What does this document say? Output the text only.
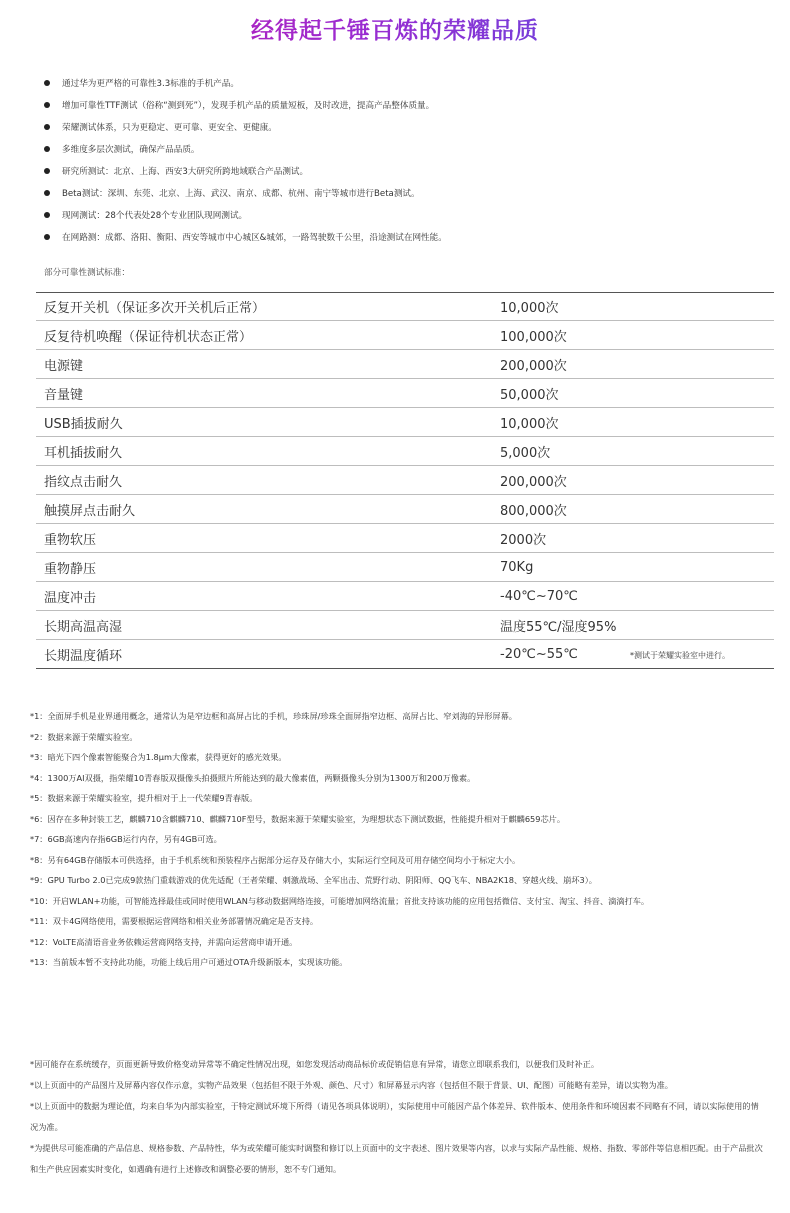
经得起千锤百炼的荣耀品质
通过华为更严格的可靠性3.3标准的手机产品。
增加可靠性TTF测试（俗称“测到死”），发现手机产品的质量短板，及时改进，提高产品整体质量。
荣耀测试体系，只为更稳定、更可靠、更安全、更健康。
多维度多层次测试，确保产品品质。
研究所测试：北京、上海、西安3大研究所跨地域联合产品测试。
Beta测试：深圳、东莞、北京、上海、武汉、南京、成都、杭州、南宁等城市进行Beta测试。
现网测试：28个代表处28个专业团队现网测试。
在网路测：成都、洛阳、衡阳、西安等城市中心城区&城郊，一路驾驶数千公里，沿途测试在网性能。
部分可靠性测试标准：
反复开关机（保证多次开关机后正常）	10,000次
反复待机唤醒（保证待机状态正常）	100,000次
电源键	200,000次
音量键	50,000次
USB插拔耐久	10,000次
耳机插拔耐久	5,000次
指纹点击耐久	200,000次
触摸屏点击耐久	800,000次
重物软压	2000次
重物静压	70Kg
温度冲击	-40℃~70℃
长期高温高湿	温度55℃/湿度95%
长期温度循环	-20℃~55℃	*测试于荣耀实验室中进行。

*1：全面屏手机是业界通用概念，通常认为是窄边框和高屏占比的手机，珍珠屏/珍珠全面屏指窄边框、高屏占比、窄刘海的异形屏幕。

*2：数据来源于荣耀实验室。

*3：暗光下四个像素智能聚合为1.8μm大像素，获得更好的感光效果。

*4：1300万AI双摄，指荣耀10青春版双摄像头拍摄照片所能达到的最大像素值，两颗摄像头分别为1300万和200万像素。

*5：数据来源于荣耀实验室，提升相对于上一代荣耀9青春版。

*6：因存在多种封装工艺，麒麟710含麒麟710、麒麟710F型号，数据来源于荣耀实验室，为理想状态下测试数据，性能提升相对于麒麟659芯片。

*7：6GB高速内存指6GB运行内存，另有4GB可选。

*8：另有64GB存储版本可供选择，由于手机系统和预装程序占据部分运存及存储大小，实际运行空间及可用存储空间均小于标定大小。

*9：GPU Turbo 2.0已完成9款热门重载游戏的优先适配（王者荣耀、刺激战场、全军出击、荒野行动、阴阳师、QQ飞车、NBA2K18、穿越火线、崩坏3）。

*10：开启WLAN+功能，可智能选择最佳或同时使用WLAN与移动数据网络连接，可能增加网络流量；首批支持该功能的应用包括微信、支付宝、淘宝、抖音、滴滴打车。

*11：双卡4G网络使用，需要根据运营网络和相关业务部署情况确定是否支持。

*12：VoLTE高清语音业务依赖运营商网络支持，并需向运营商申请开通。

*13：当前版本暂不支持此功能，功能上线后用户可通过OTA升级新版本，实现该功能。

*因可能存在系统缓存，页面更新导致价格变动异常等不确定性情况出现，如您发现活动商品标价或促销信息有异常，请您立即联系我们，以便我们及时补正。

*以上页面中的产品图片及屏幕内容仅作示意，实物产品效果（包括但不限于外观、颜色、尺寸）和屏幕显示内容（包括但不限于背景、UI、配图）可能略有差异，请以实物为准。

*以上页面中的数据为理论值，均来自华为内部实验室，于特定测试环境下所得（请见各项具体说明），实际使用中可能因产品个体差异、软件版本、使用条件和环境因素不同略有不同，请以实际使用的情况为准。

*为提供尽可能准确的产品信息、规格参数、产品特性，华为或荣耀可能实时调整和修订以上页面中的文字表述、图片效果等内容，以求与实际产品性能、规格、指数、零部件等信息相匹配。由于产品批次和生产供应因素实时变化，如遇确有进行上述修改和调整必要的情形，恕不专门通知。
